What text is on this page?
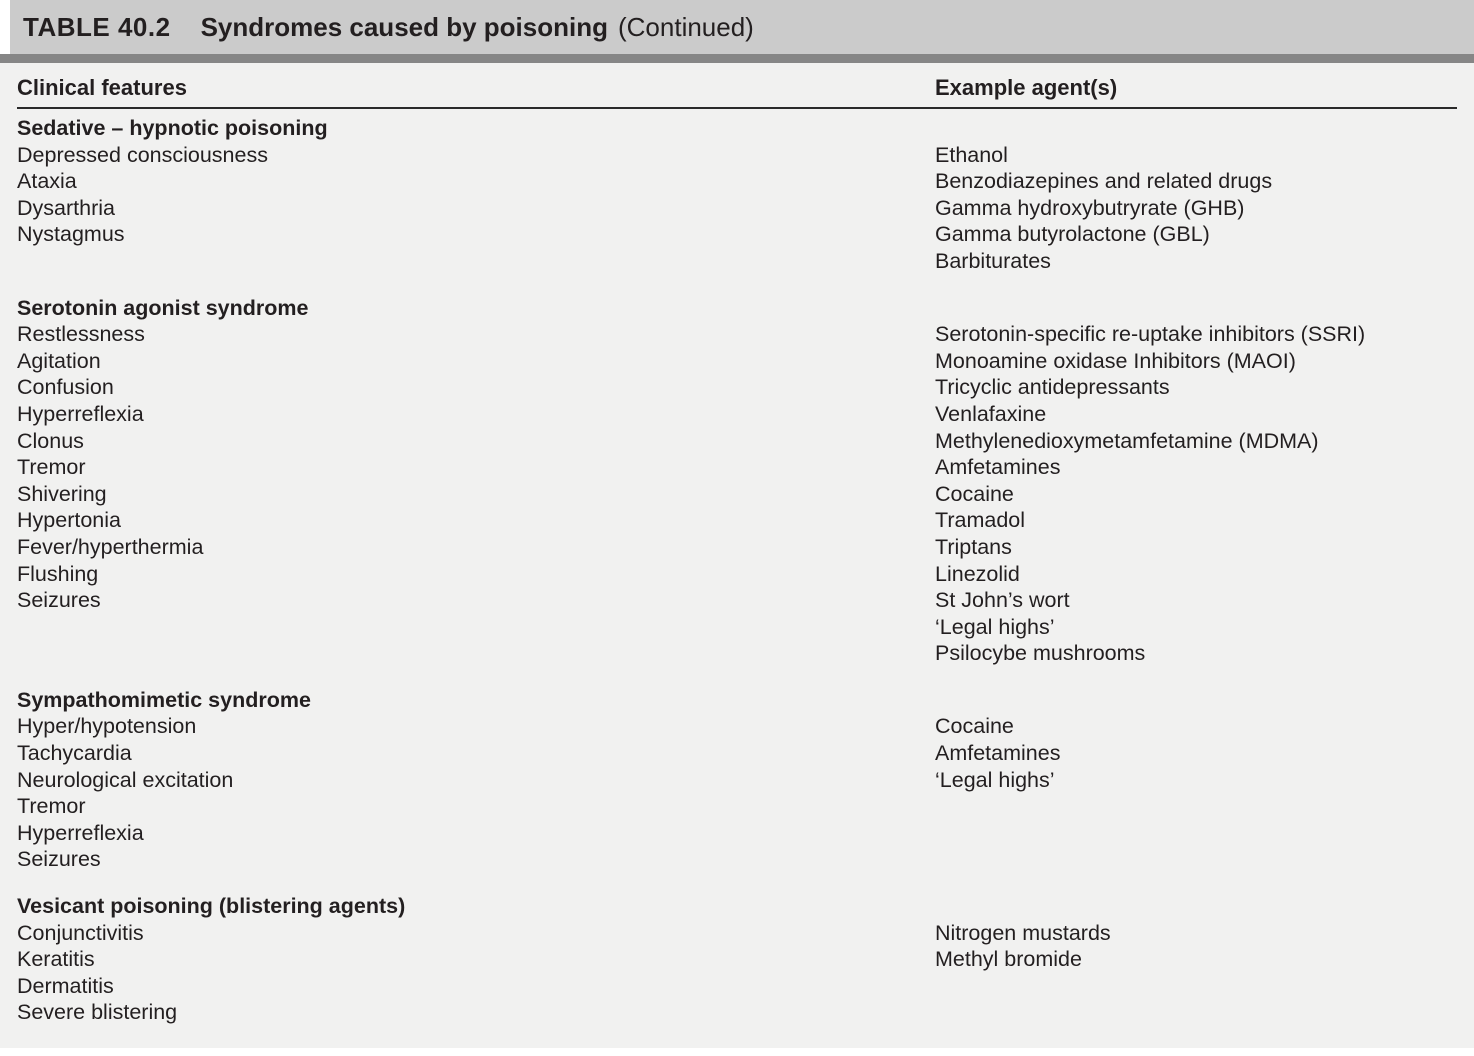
TABLE 40.2 Syndromes caused by poisoning (Continued)
Clinical features	Example agent(s)
Sedative – hypnotic poisoning
Depressed consciousness
Ataxia
Dysarthria
Nystagmus
Ethanol
Benzodiazepines and related drugs
Gamma hydroxybutryrate (GHB)
Gamma butyrolactone (GBL)
Barbiturates
Serotonin agonist syndrome
Restlessness
Agitation
Confusion
Hyperreflexia
Clonus
Tremor
Shivering
Hypertonia
Fever/hyperthermia
Flushing
Seizures
Serotonin-specific re-uptake inhibitors (SSRI)
Monoamine oxidase Inhibitors (MAOI)
Tricyclic antidepressants
Venlafaxine
Methylenedioxymetamfetamine (MDMA)
Amfetamines
Cocaine
Tramadol
Triptans
Linezolid
St John’s wort
‘Legal highs’
Psilocybe mushrooms
Sympathomimetic syndrome
Hyper/hypotension
Tachycardia
Neurological excitation
Tremor
Hyperreflexia
Seizures
Cocaine
Amfetamines
‘Legal highs’
Vesicant poisoning (blistering agents)
Conjunctivitis
Keratitis
Dermatitis
Severe blistering
Nitrogen mustards
Methyl bromide
